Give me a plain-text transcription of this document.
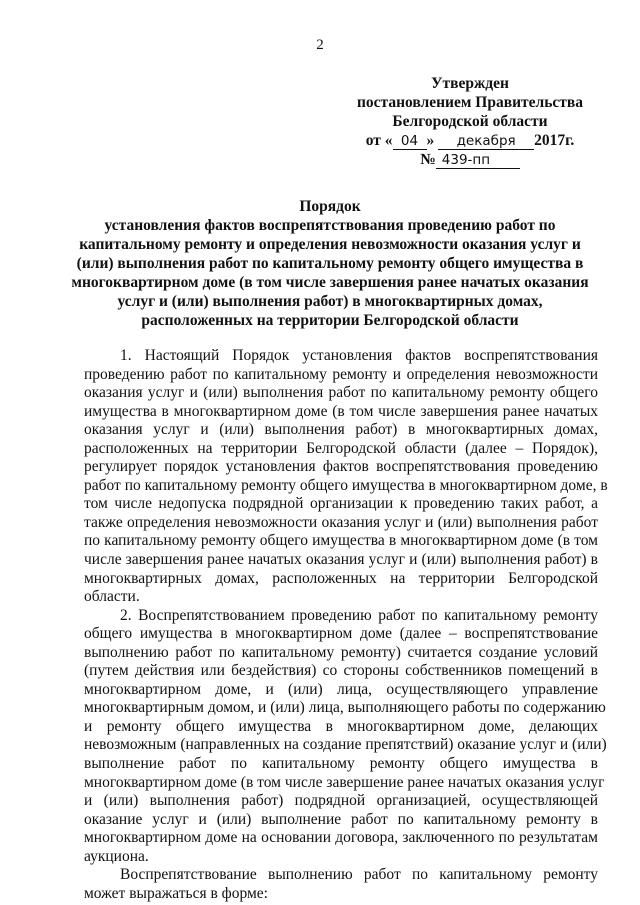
2
Утвержден
постановлением Правительства
Белгородской области
от « 04 » декабря 2017г.
№ 439-пп
Порядок
установления фактов воспрепятствования проведению работ по
капитальному ремонту и определения невозможности оказания услуг и
(или) выполнения работ по капитальному ремонту общего имущества в
многоквартирном доме (в том числе завершения ранее начатых оказания
услуг и (или) выполнения работ) в многоквартирных домах,
расположенных на территории Белгородской области
1. Настоящий Порядок установления фактов воспрепятствования
проведению работ по капитальному ремонту и определения невозможности
оказания услуг и (или) выполнения работ по капитальному ремонту общего
имущества в многоквартирном доме (в том числе завершения ранее начатых
оказания услуг и (или) выполнения работ) в многоквартирных домах,
расположенных на территории Белгородской области (далее – Порядок),
регулирует порядок установления фактов воспрепятствования проведению
работ по капитальному ремонту общего имущества в многоквартирном доме, в
том числе недопуска подрядной организации к проведению таких работ, а
также определения невозможности оказания услуг и (или) выполнения работ
по капитальному ремонту общего имущества в многоквартирном доме (в том
числе завершения ранее начатых оказания услуг и (или) выполнения работ) в
многоквартирных домах, расположенных на территории Белгородской
области.
2. Воспрепятствованием проведению работ по капитальному ремонту
общего имущества в многоквартирном доме (далее – воспрепятствование
выполнению работ по капитальному ремонту) считается создание условий
(путем действия или бездействия) со стороны собственников помещений в
многоквартирном доме, и (или) лица, осуществляющего управление
многоквартирным домом, и (или) лица, выполняющего работы по содержанию
и ремонту общего имущества в многоквартирном доме, делающих
невозможным (направленных на создание препятствий) оказание услуг и (или)
выполнение работ по капитальному ремонту общего имущества в
многоквартирном доме (в том числе завершение ранее начатых оказания услуг
и (или) выполнения работ) подрядной организацией, осуществляющей
оказание услуг и (или) выполнение работ по капитальному ремонту в
многоквартирном доме на основании договора, заключенного по результатам
аукциона.
Воспрепятствование выполнению работ по капитальному ремонту
может выражаться в форме:
